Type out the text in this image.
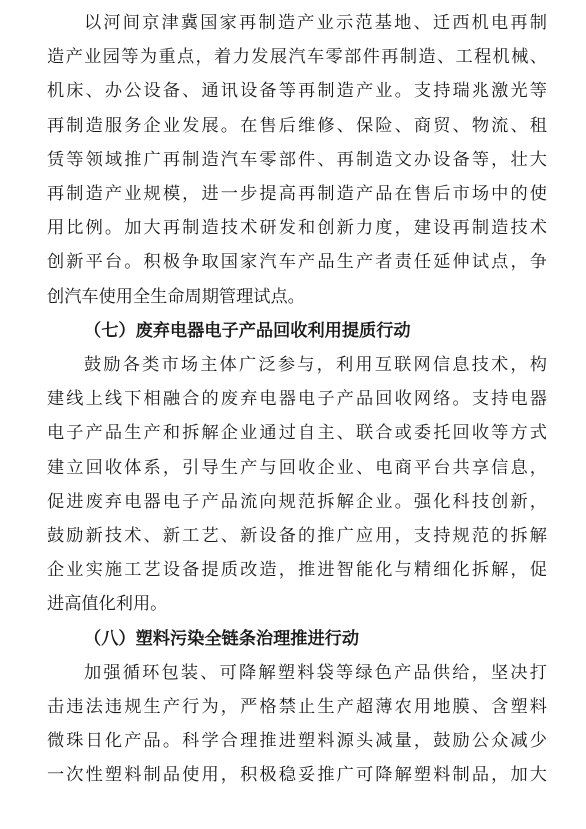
以河间京津冀国家再制造产业示范基地、迁西机电再制
造产业园等为重点，着力发展汽车零部件再制造、工程机械、
机床、办公设备、通讯设备等再制造产业。支持瑞兆激光等
再制造服务企业发展。在售后维修、保险、商贸、物流、租
赁等领域推广再制造汽车零部件、再制造文办设备等，壮大
再制造产业规模，进一步提高再制造产品在售后市场中的使
用比例。加大再制造技术研发和创新力度，建设再制造技术
创新平台。积极争取国家汽车产品生产者责任延伸试点，争
创汽车使用全生命周期管理试点。
（七）废弃电器电子产品回收利用提质行动
鼓励各类市场主体广泛参与，利用互联网信息技术，构
建线上线下相融合的废弃电器电子产品回收网络。支持电器
电子产品生产和拆解企业通过自主、联合或委托回收等方式
建立回收体系，引导生产与回收企业、电商平台共享信息，
促进废弃电器电子产品流向规范拆解企业。强化科技创新，
鼓励新技术、新工艺、新设备的推广应用，支持规范的拆解
企业实施工艺设备提质改造，推进智能化与精细化拆解，促
进高值化利用。
（八）塑料污染全链条治理推进行动
加强循环包装、可降解塑料袋等绿色产品供给，坚决打
击违法违规生产行为，严格禁止生产超薄农用地膜、含塑料
微珠日化产品。科学合理推进塑料源头减量，鼓励公众减少
一次性塑料制品使用，积极稳妥推广可降解塑料制品，加大
